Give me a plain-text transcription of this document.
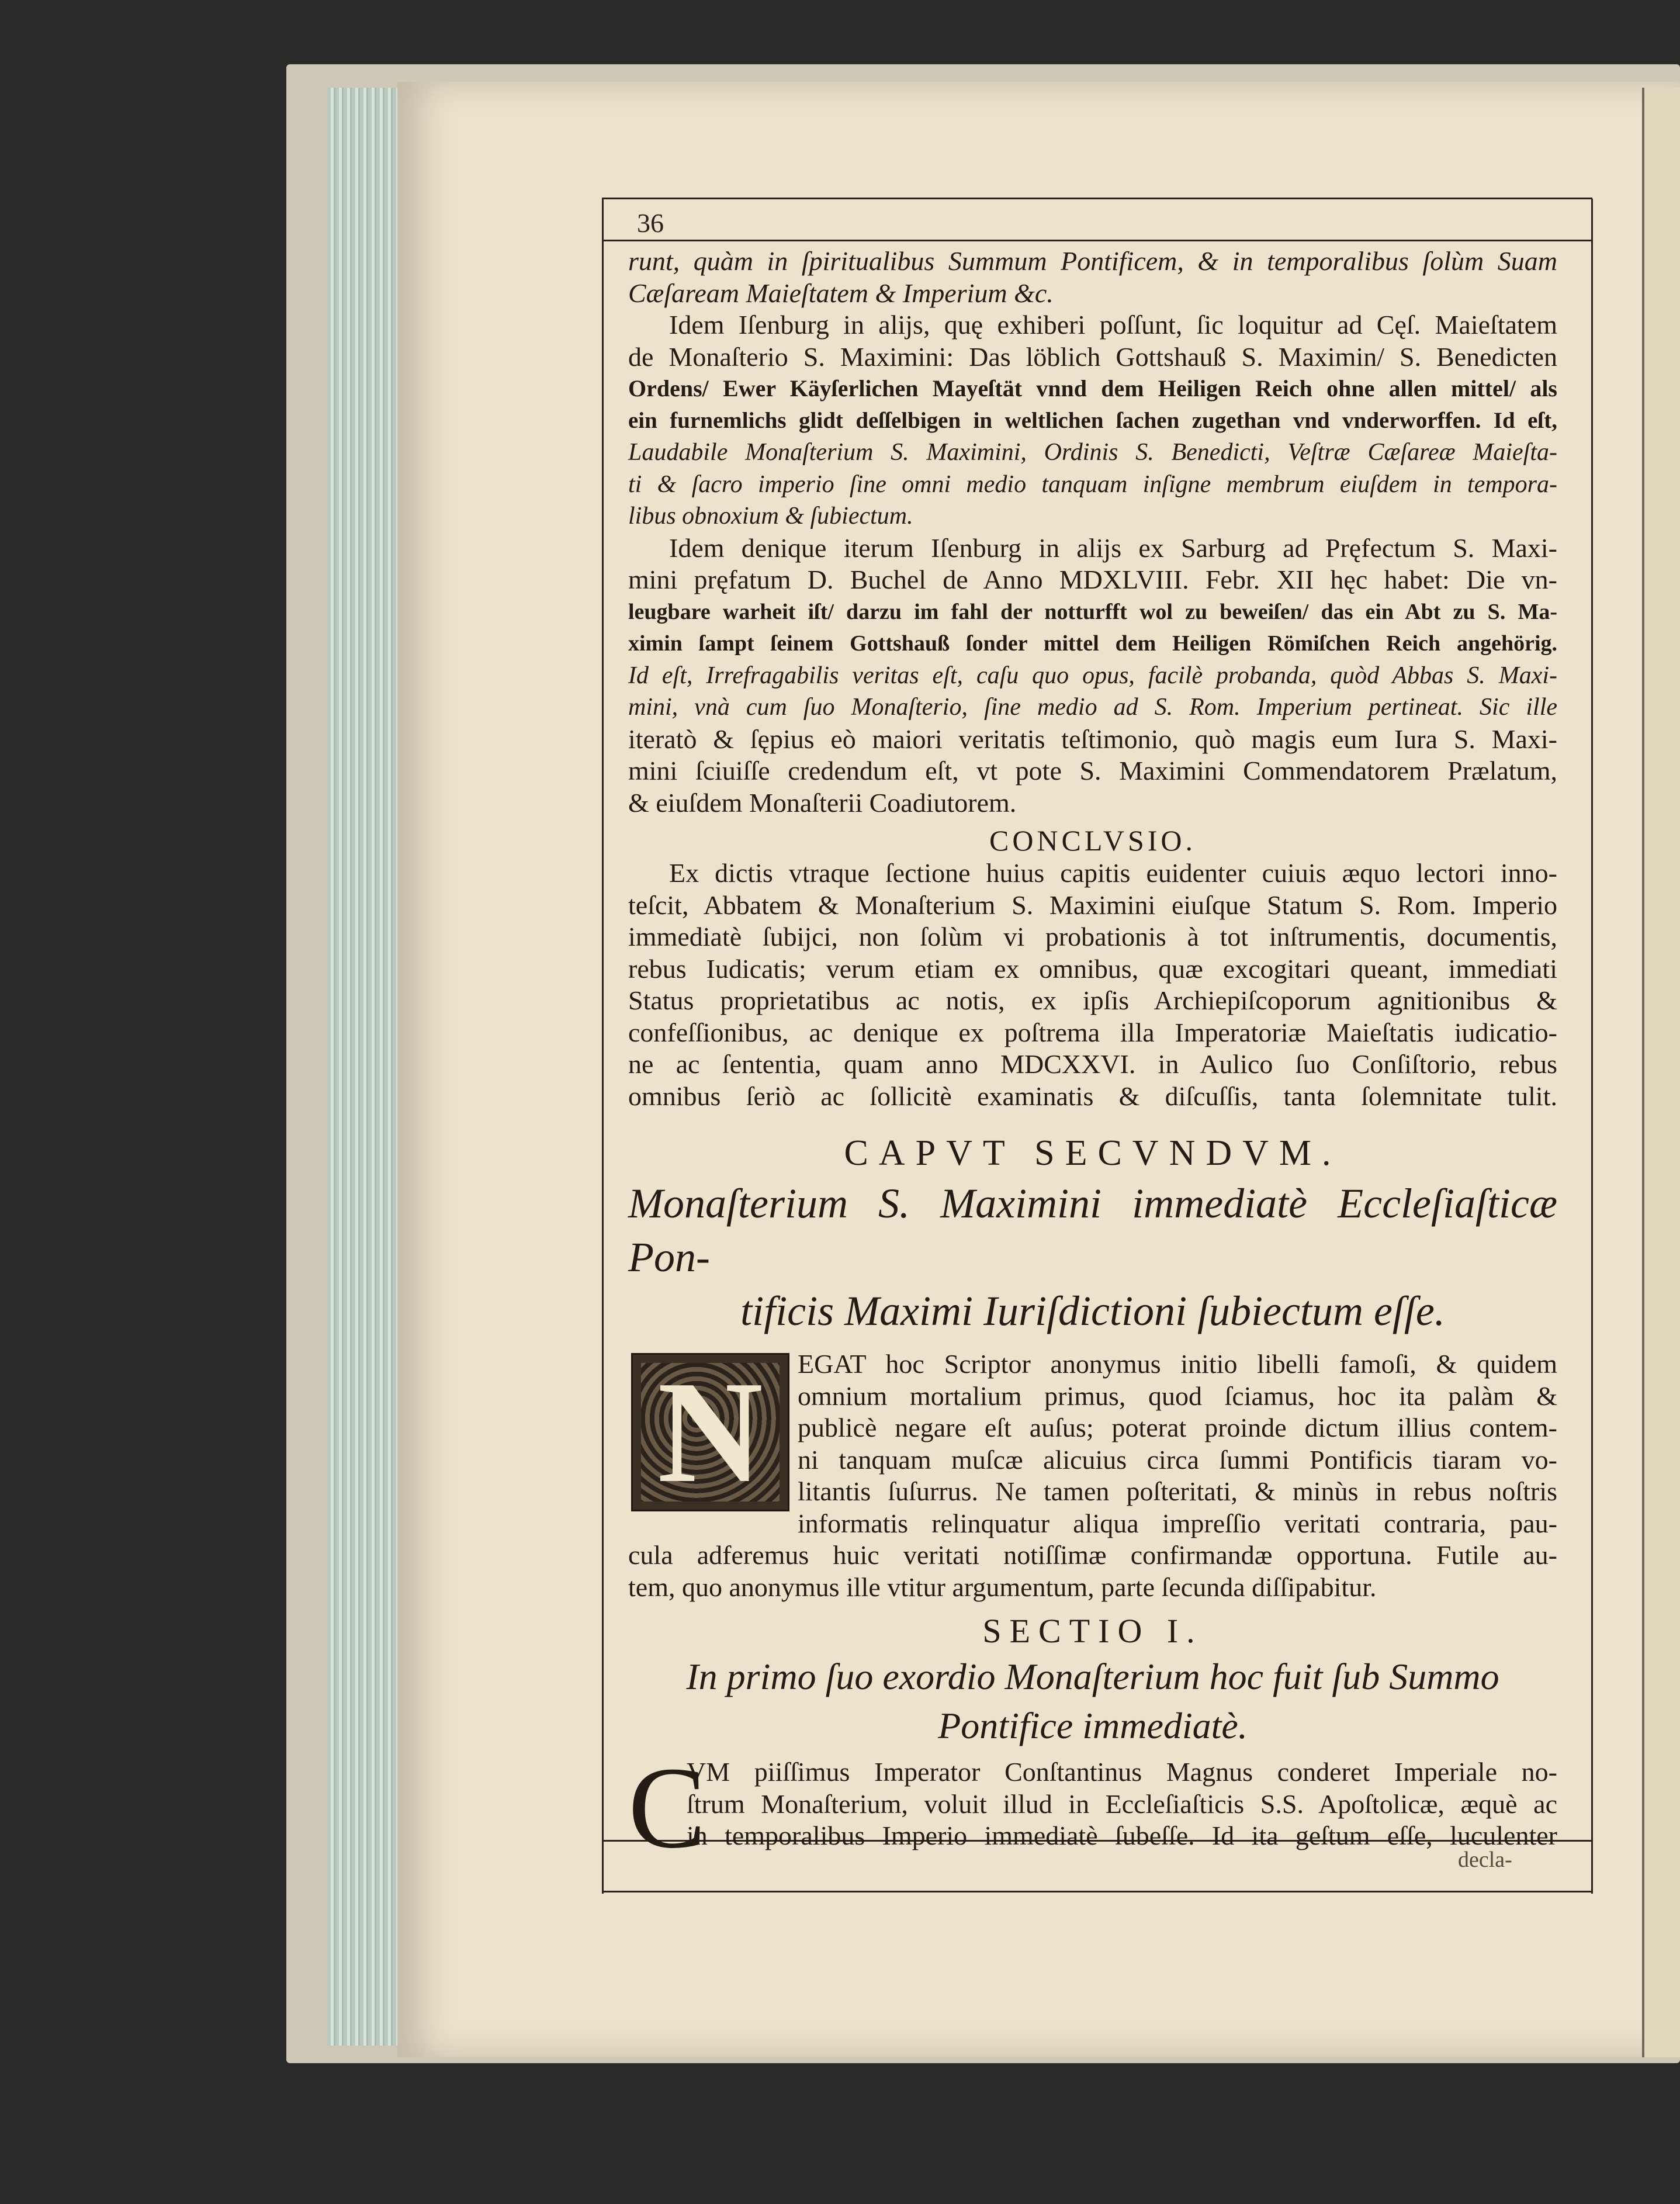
36
decla-
runt, quàm in ſpiritualibus Summum Pontificem, & in temporalibus ſolùm Suam
Cæſaream Maieſtatem & Imperium &c.
Idem Iſenburg in alijs, quę exhiberi poſſunt, ſic loquitur ad Cęſ. Maieſtatem
de Monaſterio S. Maximini: Das löblich Gottshauß S. Maximin/ S. Benedicten
Ordens/ Ewer Käyſerlichen Mayeſtät vnnd dem Heiligen Reich ohne allen mittel/ als
ein furnemlichs glidt deſſelbigen in weltlichen ſachen zugethan vnd vnderworffen. Id eſt,
Laudabile Monaſterium S. Maximini, Ordinis S. Benedicti, Veſtræ Cæſareæ Maieſta-
ti & ſacro imperio ſine omni medio tanquam inſigne membrum eiuſdem in tempora-
libus obnoxium & ſubiectum.
Idem denique iterum Iſenburg in alijs ex Sarburg ad Pręfectum S. Maxi-
mini pręfatum D. Buchel de Anno MDXLVIII. Febr. XII hęc habet: Die vn-
leugbare warheit iſt/ darzu im fahl der notturfft wol zu beweiſen/ das ein Abt zu S. Ma-
ximin ſampt ſeinem Gottshauß ſonder mittel dem Heiligen Römiſchen Reich angehörig.
Id eſt, Irrefragabilis veritas eſt, caſu quo opus, facilè probanda, quòd Abbas S. Maxi-
mini, vnà cum ſuo Monaſterio, ſine medio ad S. Rom. Imperium pertineat. Sic ille
iteratò & ſępius eò maiori veritatis teſtimonio, quò magis eum Iura S. Maxi-
mini ſciuiſſe credendum eſt, vt pote S. Maximini Commendatorem Prælatum,
& eiuſdem Monaſterii Coadiutorem.
CONCLVSIO.
Ex dictis vtraque ſectione huius capitis euidenter cuiuis æquo lectori inno-
teſcit, Abbatem & Monaſterium S. Maximini eiuſque Statum S. Rom. Imperio
immediatè ſubijci, non ſolùm vi probationis à tot inſtrumentis, documentis,
rebus Iudicatis; verum etiam ex omnibus, quæ excogitari queant, immediati
Status proprietatibus ac notis, ex ipſis Archiepiſcoporum agnitionibus &
confeſſionibus, ac denique ex poſtrema illa Imperatoriæ Maieſtatis iudicatio-
ne ac ſententia, quam anno MDCXXVI. in Aulico ſuo Conſiſtorio, rebus
omnibus ſeriò ac ſollicitè examinatis & diſcuſſis, tanta ſolemnitate tulit.
CAPVT SECVNDVM.
Monaſterium S. Maximini immediatè Eccleſiaſticæ Pon-
tificis Maximi Iuriſdictioni ſubiectum eſſe.
N	EGAT hoc Scriptor anonymus initio libelli famoſi, & quidem
omnium mortalium primus, quod ſciamus, hoc ita palàm &
publicè negare eſt auſus; poterat proinde dictum illius contem-
ni tanquam muſcæ alicuius circa ſummi Pontificis tiaram vo-
litantis ſuſurrus. Ne tamen poſteritati, & minùs in rebus noſtris
informatis relinquatur aliqua impreſſio veritati contraria, pau-
cula adferemus huic veritati notiſſimæ confirmandæ opportuna. Futile au-
tem, quo anonymus ille vtitur argumentum, parte ſecunda diſſipabitur.
SECTIO I.
In primo ſuo exordio Monaſterium hoc fuit ſub Summo
Pontifice immediatè.
C
VM piiſſimus Imperator Conſtantinus Magnus conderet Imperiale no-
ſtrum Monaſterium, voluit illud in Eccleſiaſticis S.S. Apoſtolicæ, æquè ac
in temporalibus Imperio immediatè ſubeſſe. Id ita geſtum eſſe, luculenter
